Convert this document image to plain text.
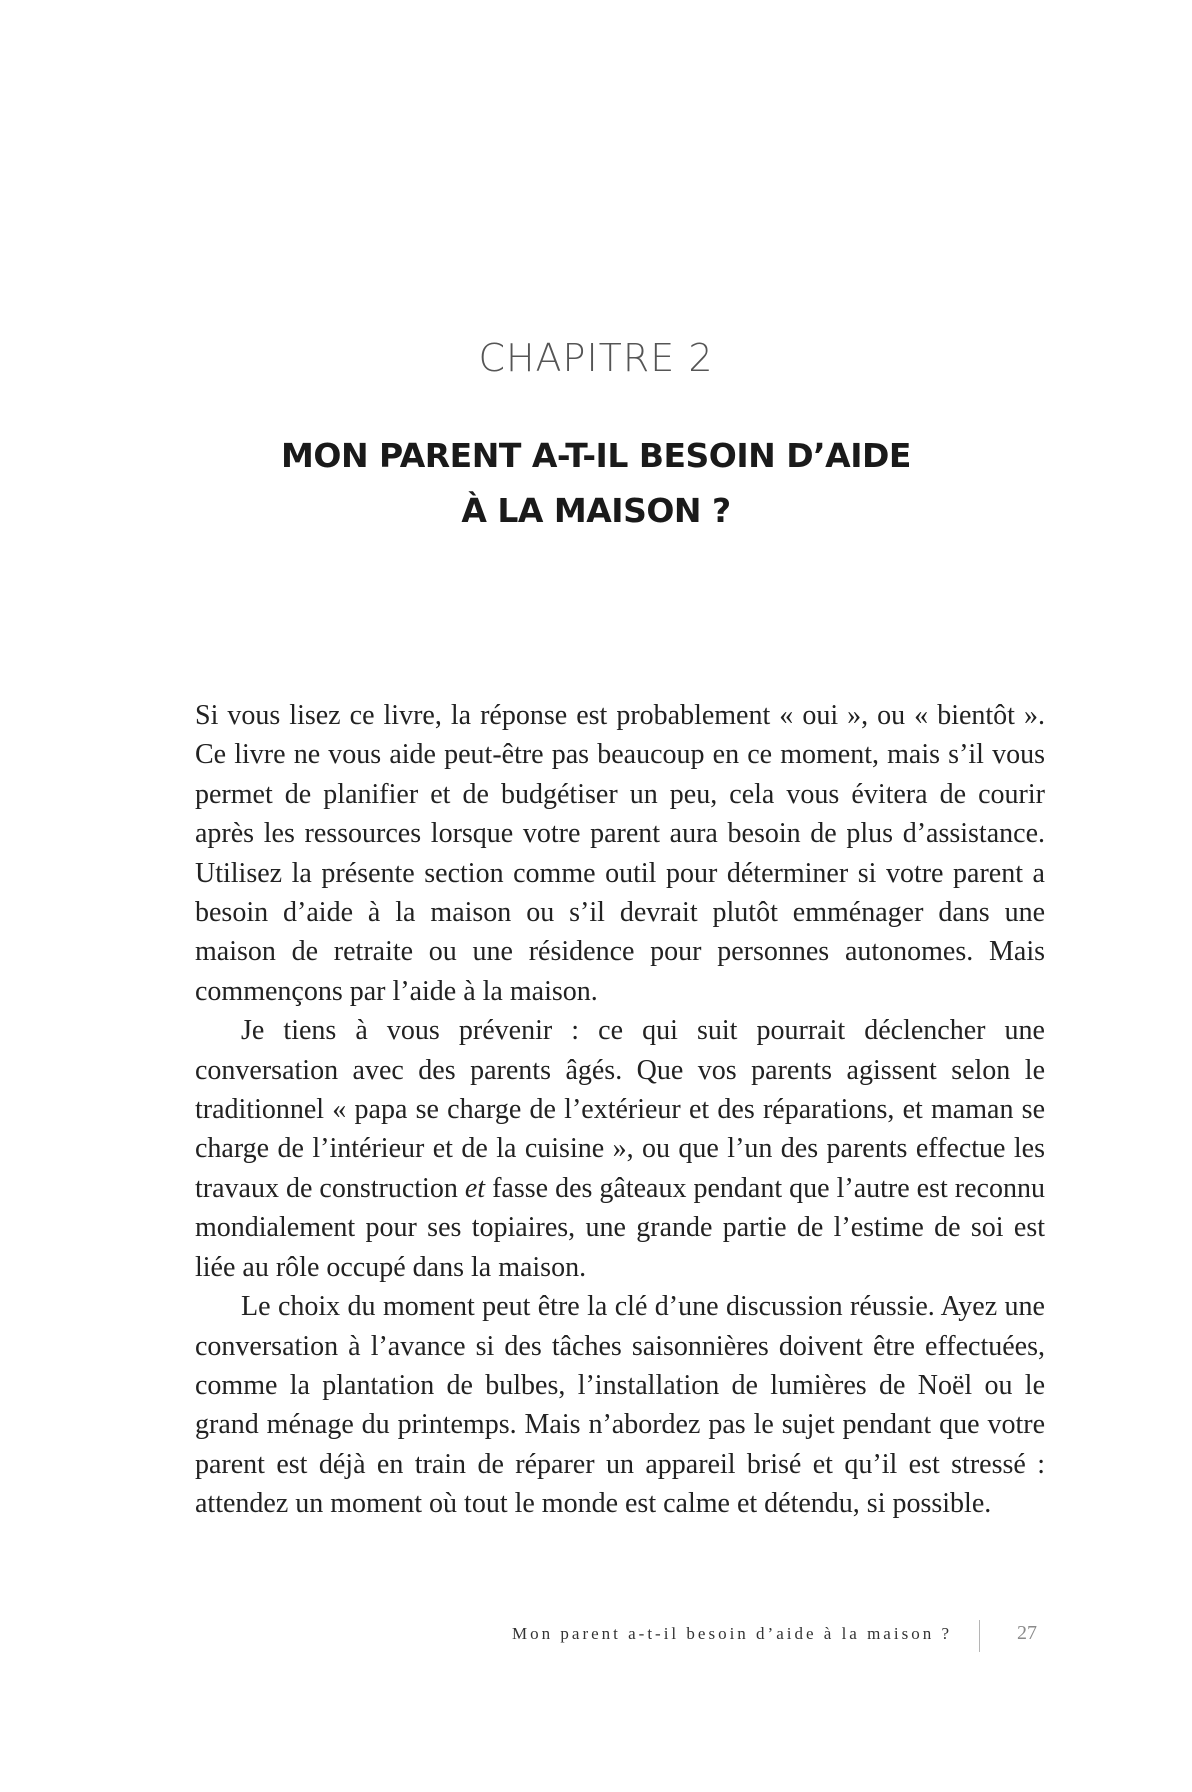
CHAPITRE 2
MON PARENT A-T-IL BESOIN D’AIDE
À LA MAISON ?

Si vous lisez ce livre, la réponse est probablement « oui », ou « bientôt ». Ce livre ne vous aide peut-être pas beaucoup en ce moment, mais s’il vous permet de planifier et de budgétiser un peu, cela vous évitera de courir après les ressources lorsque votre parent aura besoin de plus d’assistance. Utilisez la présente section comme outil pour déterminer si votre parent a besoin d’aide à la maison ou s’il devrait plutôt emménager dans une maison de retraite ou une résidence pour personnes autonomes. Mais commençons par l’aide à la maison.

Je tiens à vous prévenir : ce qui suit pourrait déclencher une conversation avec des parents âgés. Que vos parents agissent selon le traditionnel « papa se charge de l’extérieur et des réparations, et maman se charge de l’intérieur et de la cuisine », ou que l’un des parents effectue les travaux de construction et fasse des gâteaux pendant que l’autre est reconnu mondialement pour ses topiaires, une grande partie de l’estime de soi est liée au rôle occupé dans la maison.

Le choix du moment peut être la clé d’une discussion réussie. Ayez une conversation à l’avance si des tâches saisonnières doivent être effectuées, comme la plantation de bulbes, l’installation de lumières de Noël ou le grand ménage du printemps. Mais n’abordez pas le sujet pendant que votre parent est déjà en train de réparer un appareil brisé et qu’il est stressé : attendez un moment où tout le monde est calme et détendu, si possible.

Mon parent a-t-il besoin d’aide à la maison ?	27
